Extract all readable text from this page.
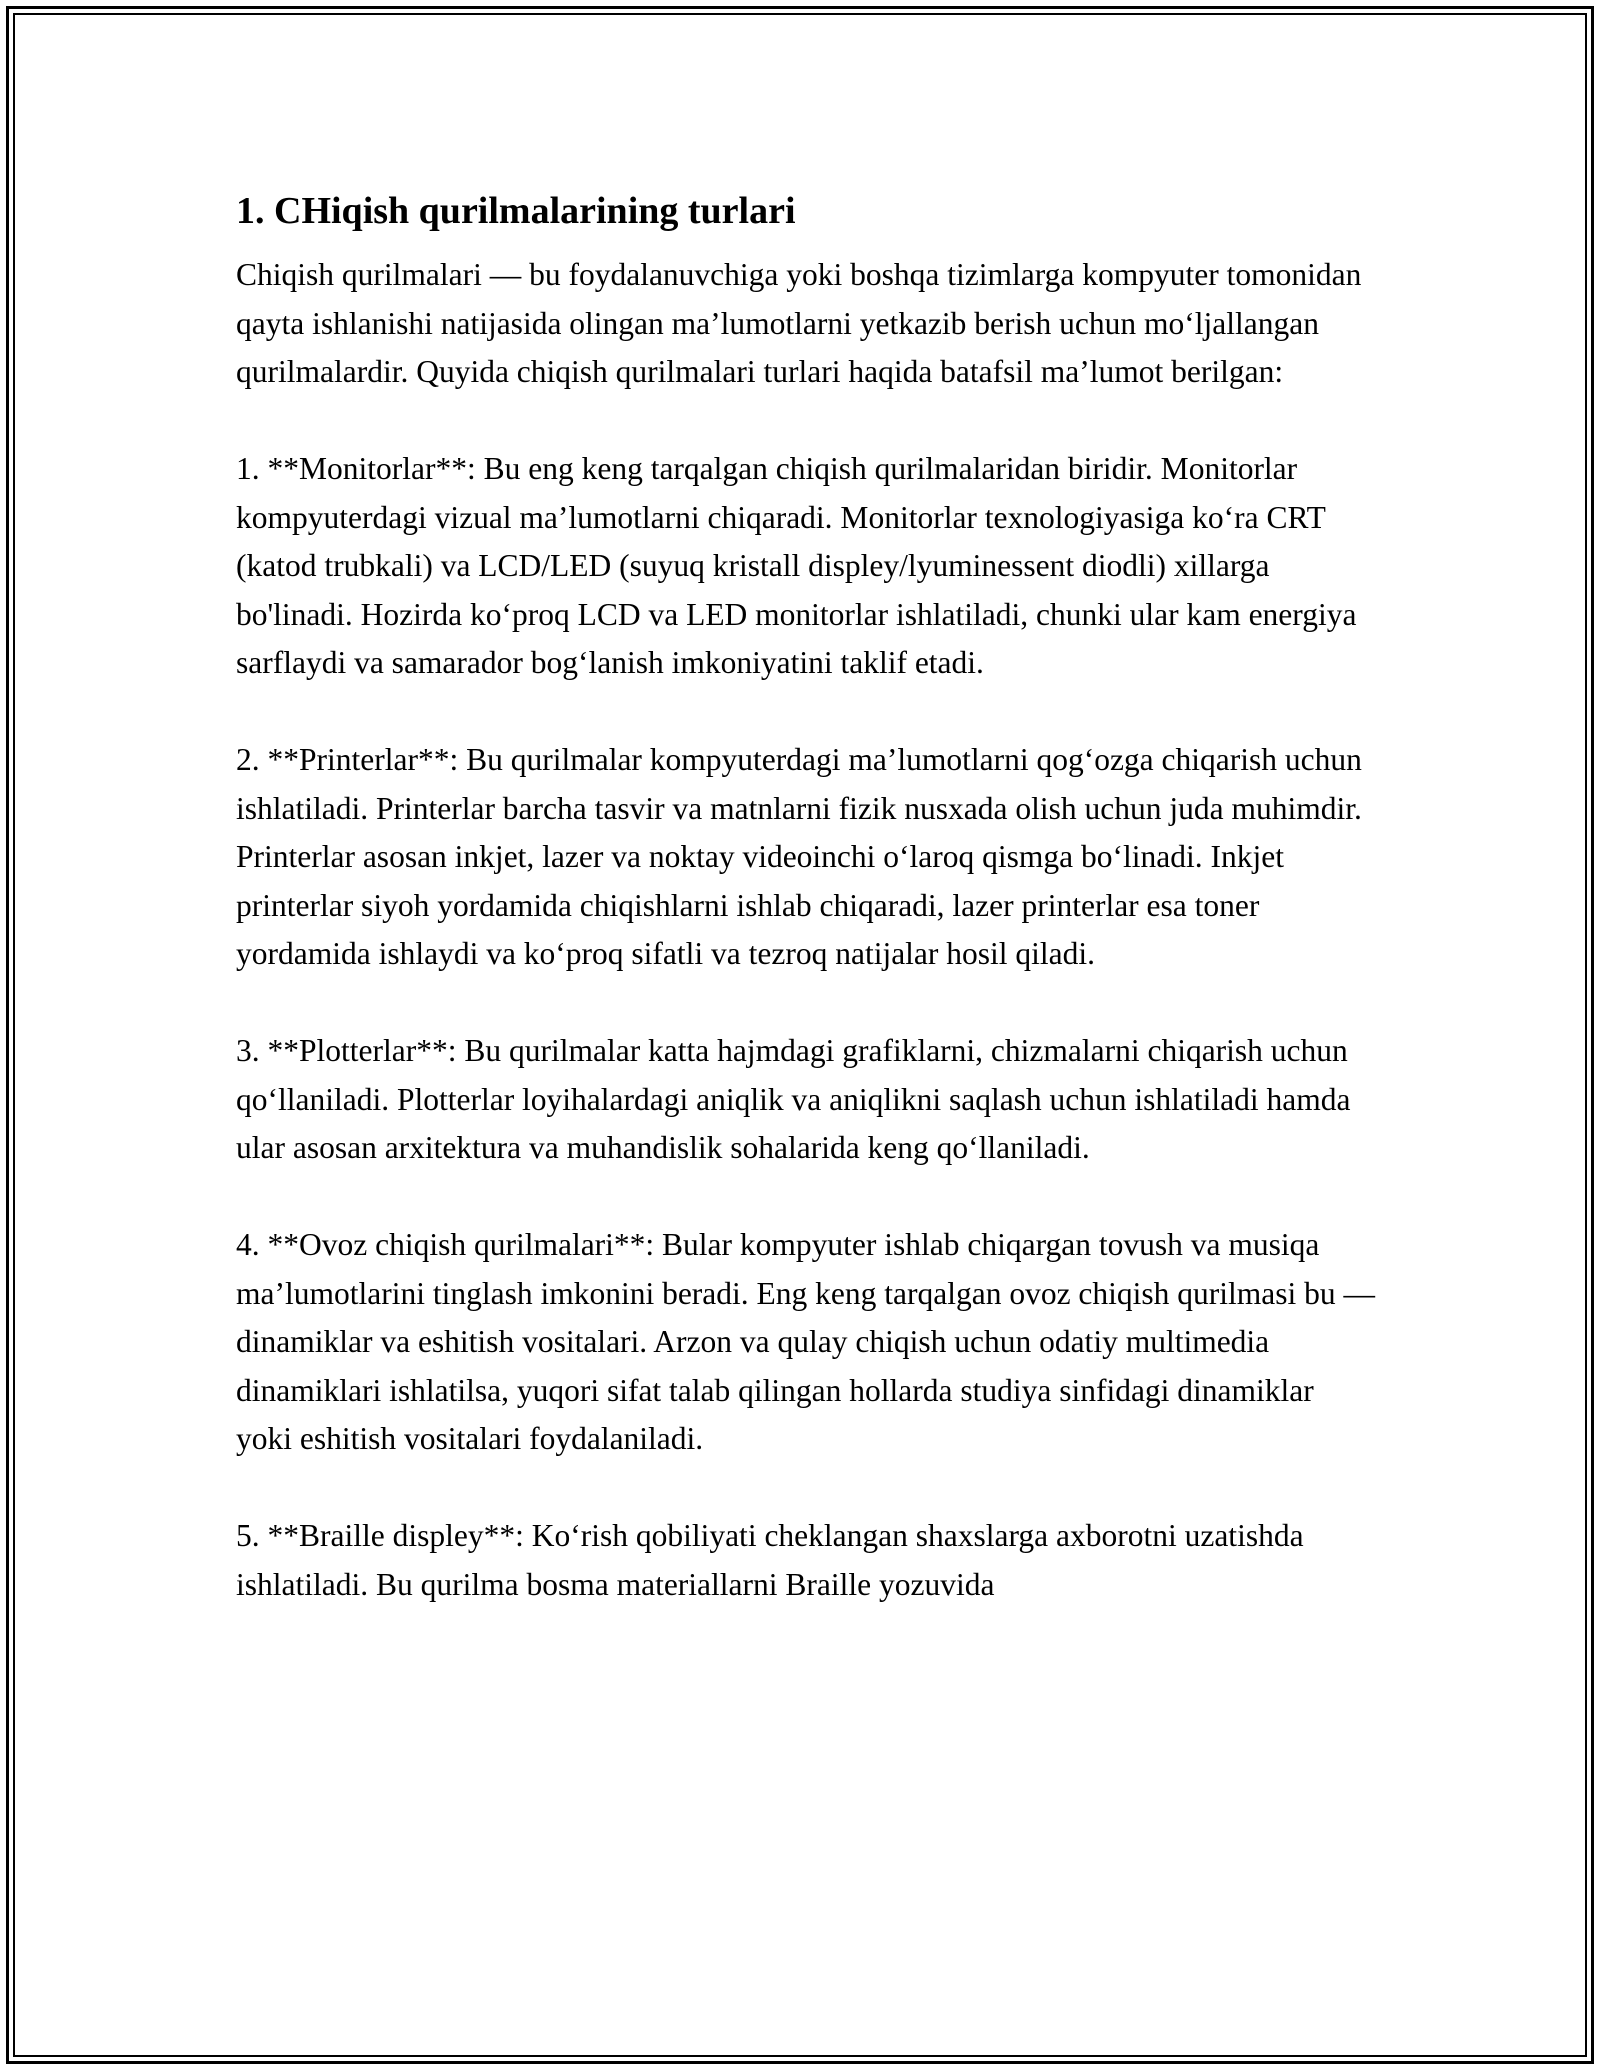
1. CHiqish qurilmalarining turlari

Chiqish qurilmalari — bu foydalanuvchiga yoki boshqa tizimlarga kompyuter tomonidan qayta ishlanishi natijasida olingan ma’lumotlarni yetkazib berish uchun mo‘ljallangan qurilmalardir. Quyida chiqish qurilmalari turlari haqida batafsil ma’lumot berilgan:

1. **Monitorlar**: Bu eng keng tarqalgan chiqish qurilmalaridan biridir. Monitorlar kompyuterdagi vizual ma’lumotlarni chiqaradi. Monitorlar texnologiyasiga ko‘ra CRT (katod trubkali) va LCD/LED (suyuq kristall displey/lyuminessent diodli) xillarga bo'linadi. Hozirda ko‘proq LCD va LED monitorlar ishlatiladi, chunki ular kam energiya sarflaydi va samarador bog‘lanish imkoniyatini taklif etadi.

2. **Printerlar**: Bu qurilmalar kompyuterdagi ma’lumotlarni qog‘ozga chiqarish uchun ishlatiladi. Printerlar barcha tasvir va matnlarni fizik nusxada olish uchun juda muhimdir. Printerlar asosan inkjet, lazer va noktay videoinchi o‘laroq qismga bo‘linadi. Inkjet printerlar siyoh yordamida chiqishlarni ishlab chiqaradi, lazer printerlar esa toner yordamida ishlaydi va ko‘proq sifatli va tezroq natijalar hosil qiladi.

3. **Plotterlar**: Bu qurilmalar katta hajmdagi grafiklarni, chizmalarni chiqarish uchun qo‘llaniladi. Plotterlar loyihalardagi aniqlik va aniqlikni saqlash uchun ishlatiladi hamda ular asosan arxitektura va muhandislik sohalarida keng qo‘llaniladi.

4. **Ovoz chiqish qurilmalari**: Bular kompyuter ishlab chiqargan tovush va musiqa ma’lumotlarini tinglash imkonini beradi. Eng keng tarqalgan ovoz chiqish qurilmasi bu — dinamiklar va eshitish vositalari. Arzon va qulay chiqish uchun odatiy multimedia dinamiklari ishlatilsa, yuqori sifat talab qilingan hollarda studiya sinfidagi dinamiklar yoki eshitish vositalari foydalaniladi.

5. **Braille displey**: Ko‘rish qobiliyati cheklangan shaxslarga axborotni uzatishda ishlatiladi. Bu qurilma bosma materiallarni Braille yozuvida
